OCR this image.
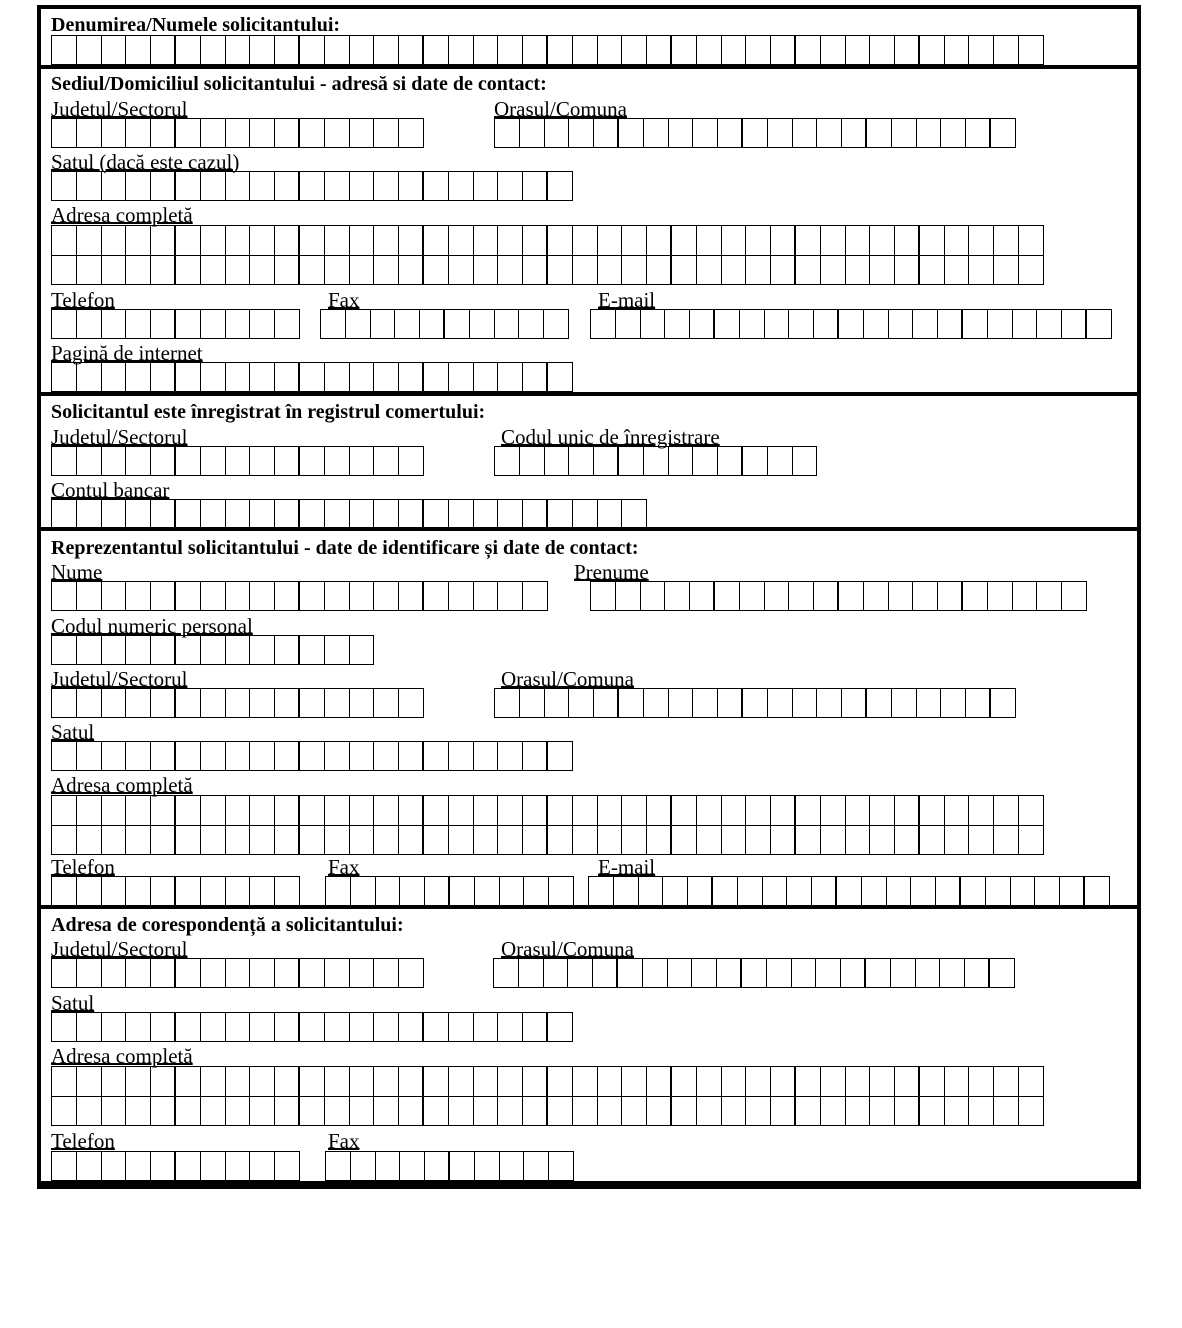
Denumirea/Numele solicitantului:
Sediul/Domiciliul solicitantului - adresă si date de contact:
Judetul/Sectorul	Orasul/Comuna
Satul (dacă este cazul)
Adresa completă
Telefon	Fax	E-mail
Pagină de internet
Solicitantul este înregistrat în registrul comertului:
Judetul/Sectorul	Codul unic de înregistrare
Contul bancar
Reprezentantul solicitantului - date de identificare și date de contact:
Nume	Prenume
Codul numeric personal
Judetul/Sectorul	Orasul/Comuna
Satul
Adresa completă
Telefon	Fax	E-mail
Adresa de corespondență a solicitantului:
Judetul/Sectorul	Orasul/Comuna
Satul
Adresa completă
Telefon	Fax
